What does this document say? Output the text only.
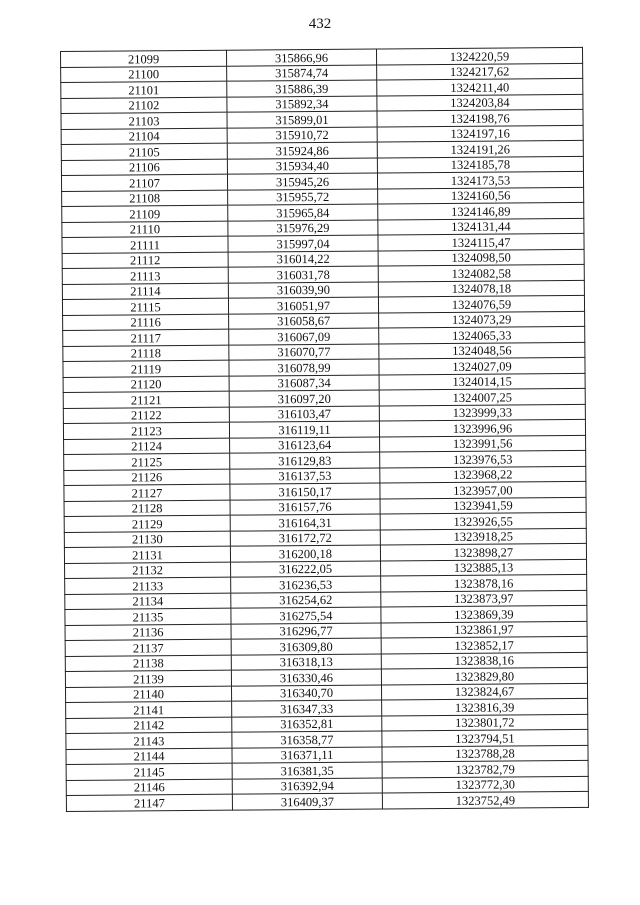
432
21099	315866,96	1324220,59
21100	315874,74	1324217,62
21101	315886,39	1324211,40
21102	315892,34	1324203,84
21103	315899,01	1324198,76
21104	315910,72	1324197,16
21105	315924,86	1324191,26
21106	315934,40	1324185,78
21107	315945,26	1324173,53
21108	315955,72	1324160,56
21109	315965,84	1324146,89
21110	315976,29	1324131,44
21111	315997,04	1324115,47
21112	316014,22	1324098,50
21113	316031,78	1324082,58
21114	316039,90	1324078,18
21115	316051,97	1324076,59
21116	316058,67	1324073,29
21117	316067,09	1324065,33
21118	316070,77	1324048,56
21119	316078,99	1324027,09
21120	316087,34	1324014,15
21121	316097,20	1324007,25
21122	316103,47	1323999,33
21123	316119,11	1323996,96
21124	316123,64	1323991,56
21125	316129,83	1323976,53
21126	316137,53	1323968,22
21127	316150,17	1323957,00
21128	316157,76	1323941,59
21129	316164,31	1323926,55
21130	316172,72	1323918,25
21131	316200,18	1323898,27
21132	316222,05	1323885,13
21133	316236,53	1323878,16
21134	316254,62	1323873,97
21135	316275,54	1323869,39
21136	316296,77	1323861,97
21137	316309,80	1323852,17
21138	316318,13	1323838,16
21139	316330,46	1323829,80
21140	316340,70	1323824,67
21141	316347,33	1323816,39
21142	316352,81	1323801,72
21143	316358,77	1323794,51
21144	316371,11	1323788,28
21145	316381,35	1323782,79
21146	316392,94	1323772,30
21147	316409,37	1323752,49
